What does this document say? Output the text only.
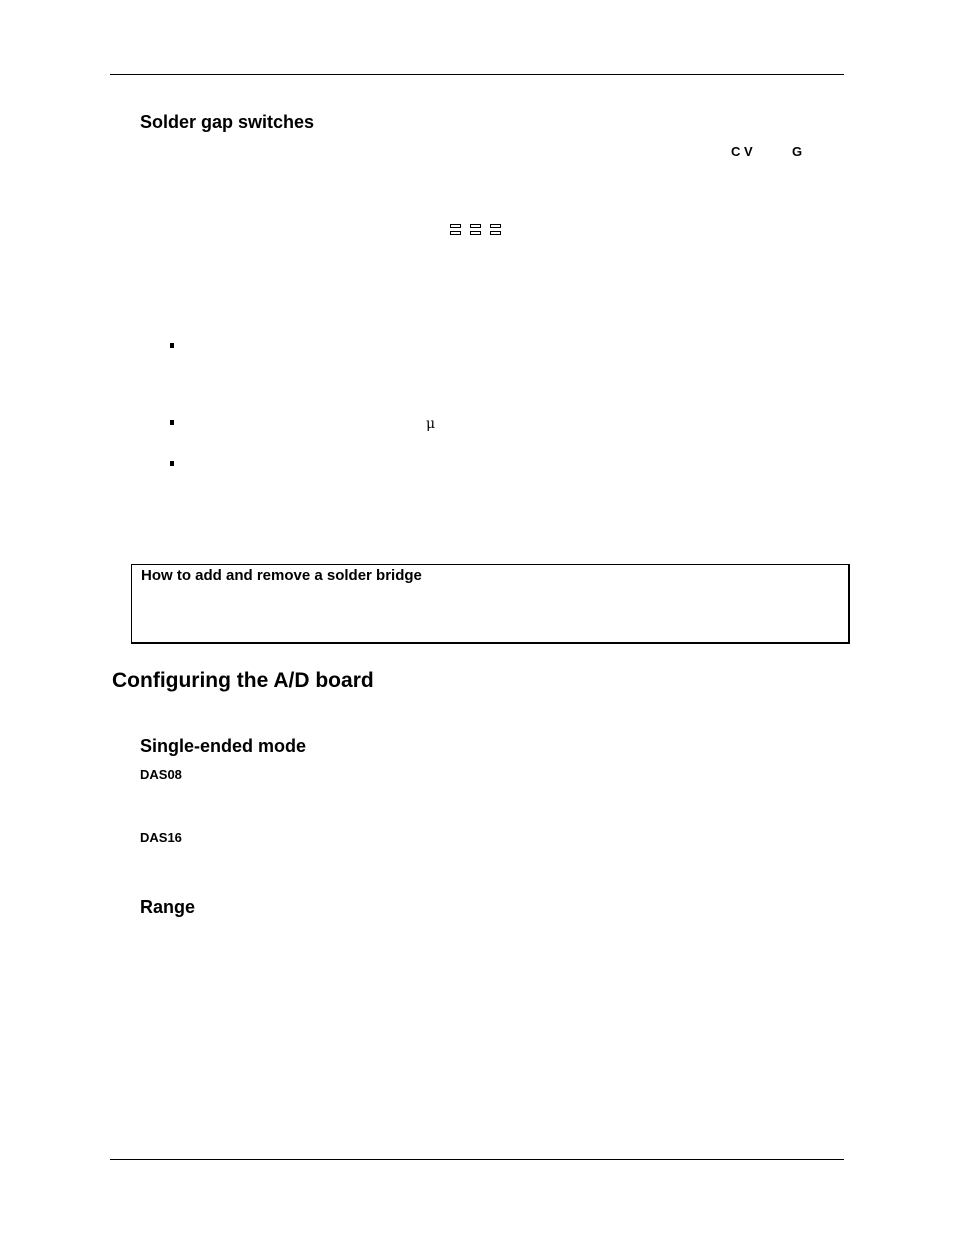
Solder gap switches
C V	G
μ
How to add and remove a solder bridge
Configuring the A/D board
Single-ended mode
DAS08
DAS16
Range
